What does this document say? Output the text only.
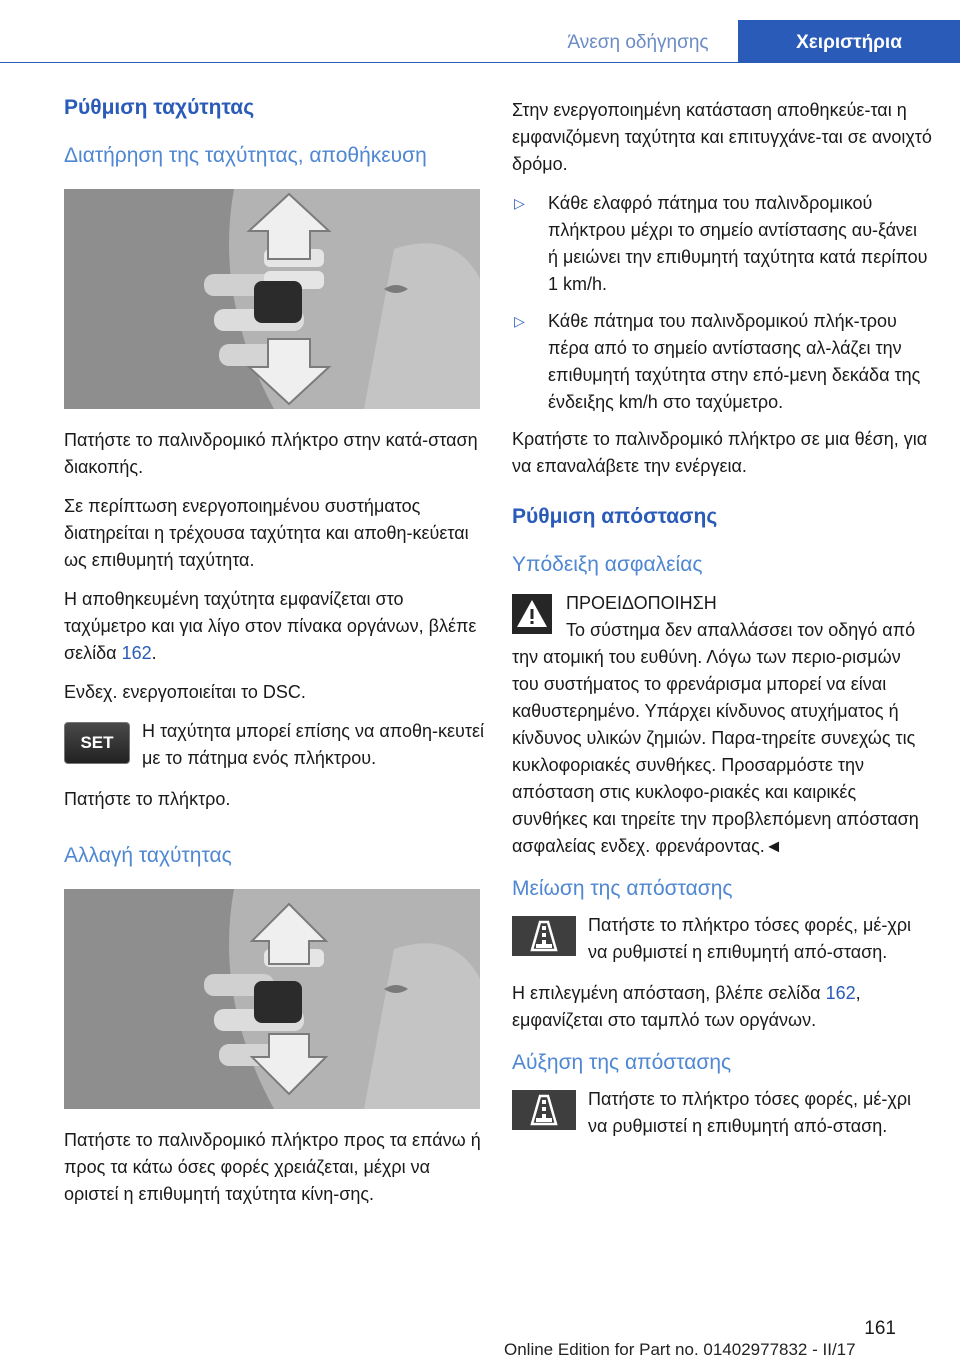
Άνεση οδήγησης	Χειριστήρια
Ρύθμιση ταχύτητας
Διατήρηση της ταχύτητας, αποθήκευση
Πατήστε το παλινδρομικό πλήκτρο στην κατά-σταση διακοπής.
Σε περίπτωση ενεργοποιημένου συστήματος διατηρείται η τρέχουσα ταχύτητα και αποθη-κεύεται ως επιθυμητή ταχύτητα.
Η αποθηκευμένη ταχύτητα εμφανίζεται στο ταχύμετρο και για λίγο στον πίνακα οργάνων, βλέπε σελίδα 162.
Ενδεχ. ενεργοποιείται το DSC.
SET
Η ταχύτητα μπορεί επίσης να αποθη-κευτεί με το πάτημα ενός πλήκτρου.
Πατήστε το πλήκτρο.
Αλλαγή ταχύτητας
Πατήστε το παλινδρομικό πλήκτρο προς τα επάνω ή προς τα κάτω όσες φορές χρειάζεται, μέχρι να οριστεί η επιθυμητή ταχύτητα κίνη-σης.
Στην ενεργοποιημένη κατάσταση αποθηκεύε-ται η εμφανιζόμενη ταχύτητα και επιτυγχάνε-ται σε ανοιχτό δρόμο.
▷ Κάθε ελαφρό πάτημα του παλινδρομικού πλήκτρου μέχρι το σημείο αντίστασης αυ-ξάνει ή μειώνει την επιθυμητή ταχύτητα κατά περίπου 1 km/h.
▷ Κάθε πάτημα του παλινδρομικού πλήκ-τρου πέρα από το σημείο αντίστασης αλ-λάζει την επιθυμητή ταχύτητα στην επό-μενη δεκάδα της ένδειξης km/h στο ταχύμετρο.
Κρατήστε το παλινδρομικό πλήκτρο σε μια θέση, για να επαναλάβετε την ενέργεια.
Ρύθμιση απόστασης
Υπόδειξη ασφαλείας
ΠΡΟΕΙΔΟΠΟΙΗΣΗ
Το σύστημα δεν απαλλάσσει τον οδηγό από την ατομική του ευθύνη. Λόγω των περιο-ρισμών του συστήματος το φρενάρισμα μπορεί να είναι καθυστερημένο. Υπάρχει κίνδυνος ατυχήματος ή κίνδυνος υλικών ζημιών. Παρα-τηρείτε συνεχώς τις κυκλοφοριακές συνθήκες. Προσαρμόστε την απόσταση στις κυκλοφο-ριακές και καιρικές συνθήκες και τηρείτε την προβλεπόμενη απόσταση ασφαλείας ενδεχ. φρενάροντας.◄
Μείωση της απόστασης
Πατήστε το πλήκτρο τόσες φορές, μέ-χρι να ρυθμιστεί η επιθυμητή από-σταση.
Η επιλεγμένη απόσταση, βλέπε σελίδα 162, εμφανίζεται στο ταμπλό των οργάνων.
Αύξηση της απόστασης
Πατήστε το πλήκτρο τόσες φορές, μέ-χρι να ρυθμιστεί η επιθυμητή από-σταση.
161
Online Edition for Part no. 01402977832 - II/17
